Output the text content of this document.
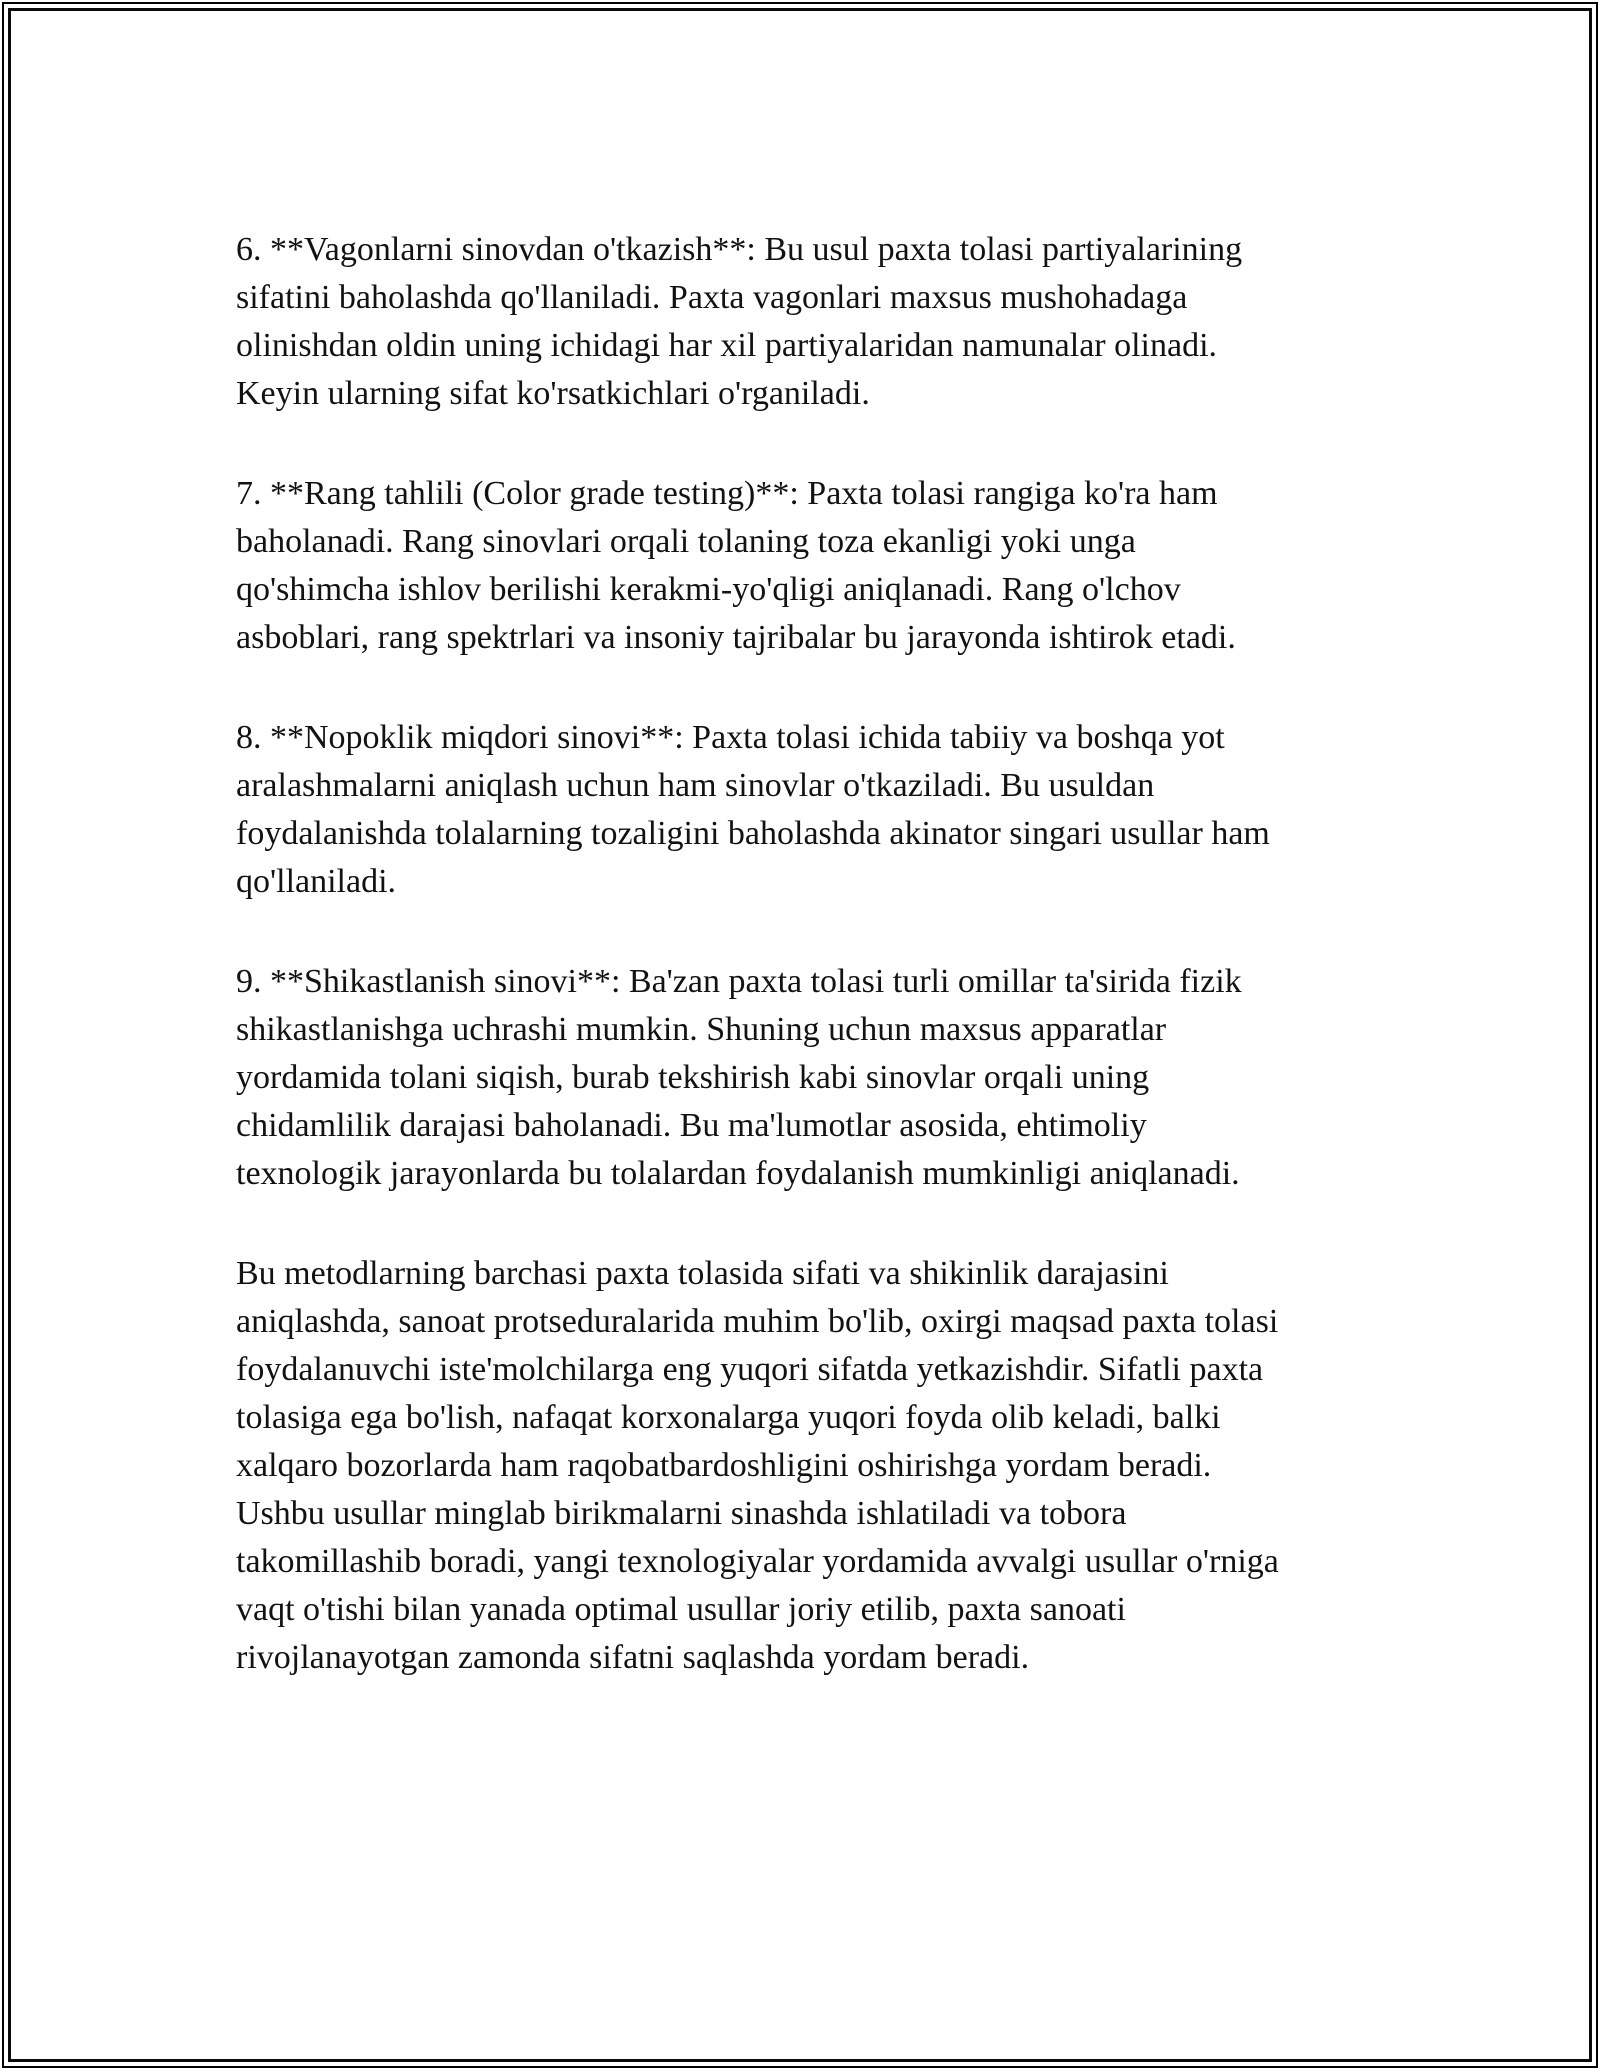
6. **Vagonlarni sinovdan o'tkazish**: Bu usul paxta tolasi partiyalarining
sifatini baholashda qo'llaniladi. Paxta vagonlari maxsus mushohadaga
olinishdan oldin uning ichidagi har xil partiyalaridan namunalar olinadi.
Keyin ularning sifat ko'rsatkichlari o'rganiladi.

7. **Rang tahlili (Color grade testing)**: Paxta tolasi rangiga ko'ra ham
baholanadi. Rang sinovlari orqali tolaning toza ekanligi yoki unga
qo'shimcha ishlov berilishi kerakmi-yo'qligi aniqlanadi. Rang o'lchov
asboblari, rang spektrlari va insoniy tajribalar bu jarayonda ishtirok etadi.

8. **Nopoklik miqdori sinovi**: Paxta tolasi ichida tabiiy va boshqa yot
aralashmalarni aniqlash uchun ham sinovlar o'tkaziladi. Bu usuldan
foydalanishda tolalarning tozaligini baholashda akinator singari usullar ham
qo'llaniladi.

9. **Shikastlanish sinovi**: Ba'zan paxta tolasi turli omillar ta'sirida fizik
shikastlanishga uchrashi mumkin. Shuning uchun maxsus apparatlar
yordamida tolani siqish, burab tekshirish kabi sinovlar orqali uning
chidamlilik darajasi baholanadi. Bu ma'lumotlar asosida, ehtimoliy
texnologik jarayonlarda bu tolalardan foydalanish mumkinligi aniqlanadi.

Bu metodlarning barchasi paxta tolasida sifati va shikinlik darajasini
aniqlashda, sanoat protseduralarida muhim bo'lib, oxirgi maqsad paxta tolasi
foydalanuvchi iste'molchilarga eng yuqori sifatda yetkazishdir. Sifatli paxta
tolasiga ega bo'lish, nafaqat korxonalarga yuqori foyda olib keladi, balki
xalqaro bozorlarda ham raqobatbardoshligini oshirishga yordam beradi.
Ushbu usullar minglab birikmalarni sinashda ishlatiladi va tobora
takomillashib boradi, yangi texnologiyalar yordamida avvalgi usullar o'rniga
vaqt o'tishi bilan yanada optimal usullar joriy etilib, paxta sanoati
rivojlanayotgan zamonda sifatni saqlashda yordam beradi.
